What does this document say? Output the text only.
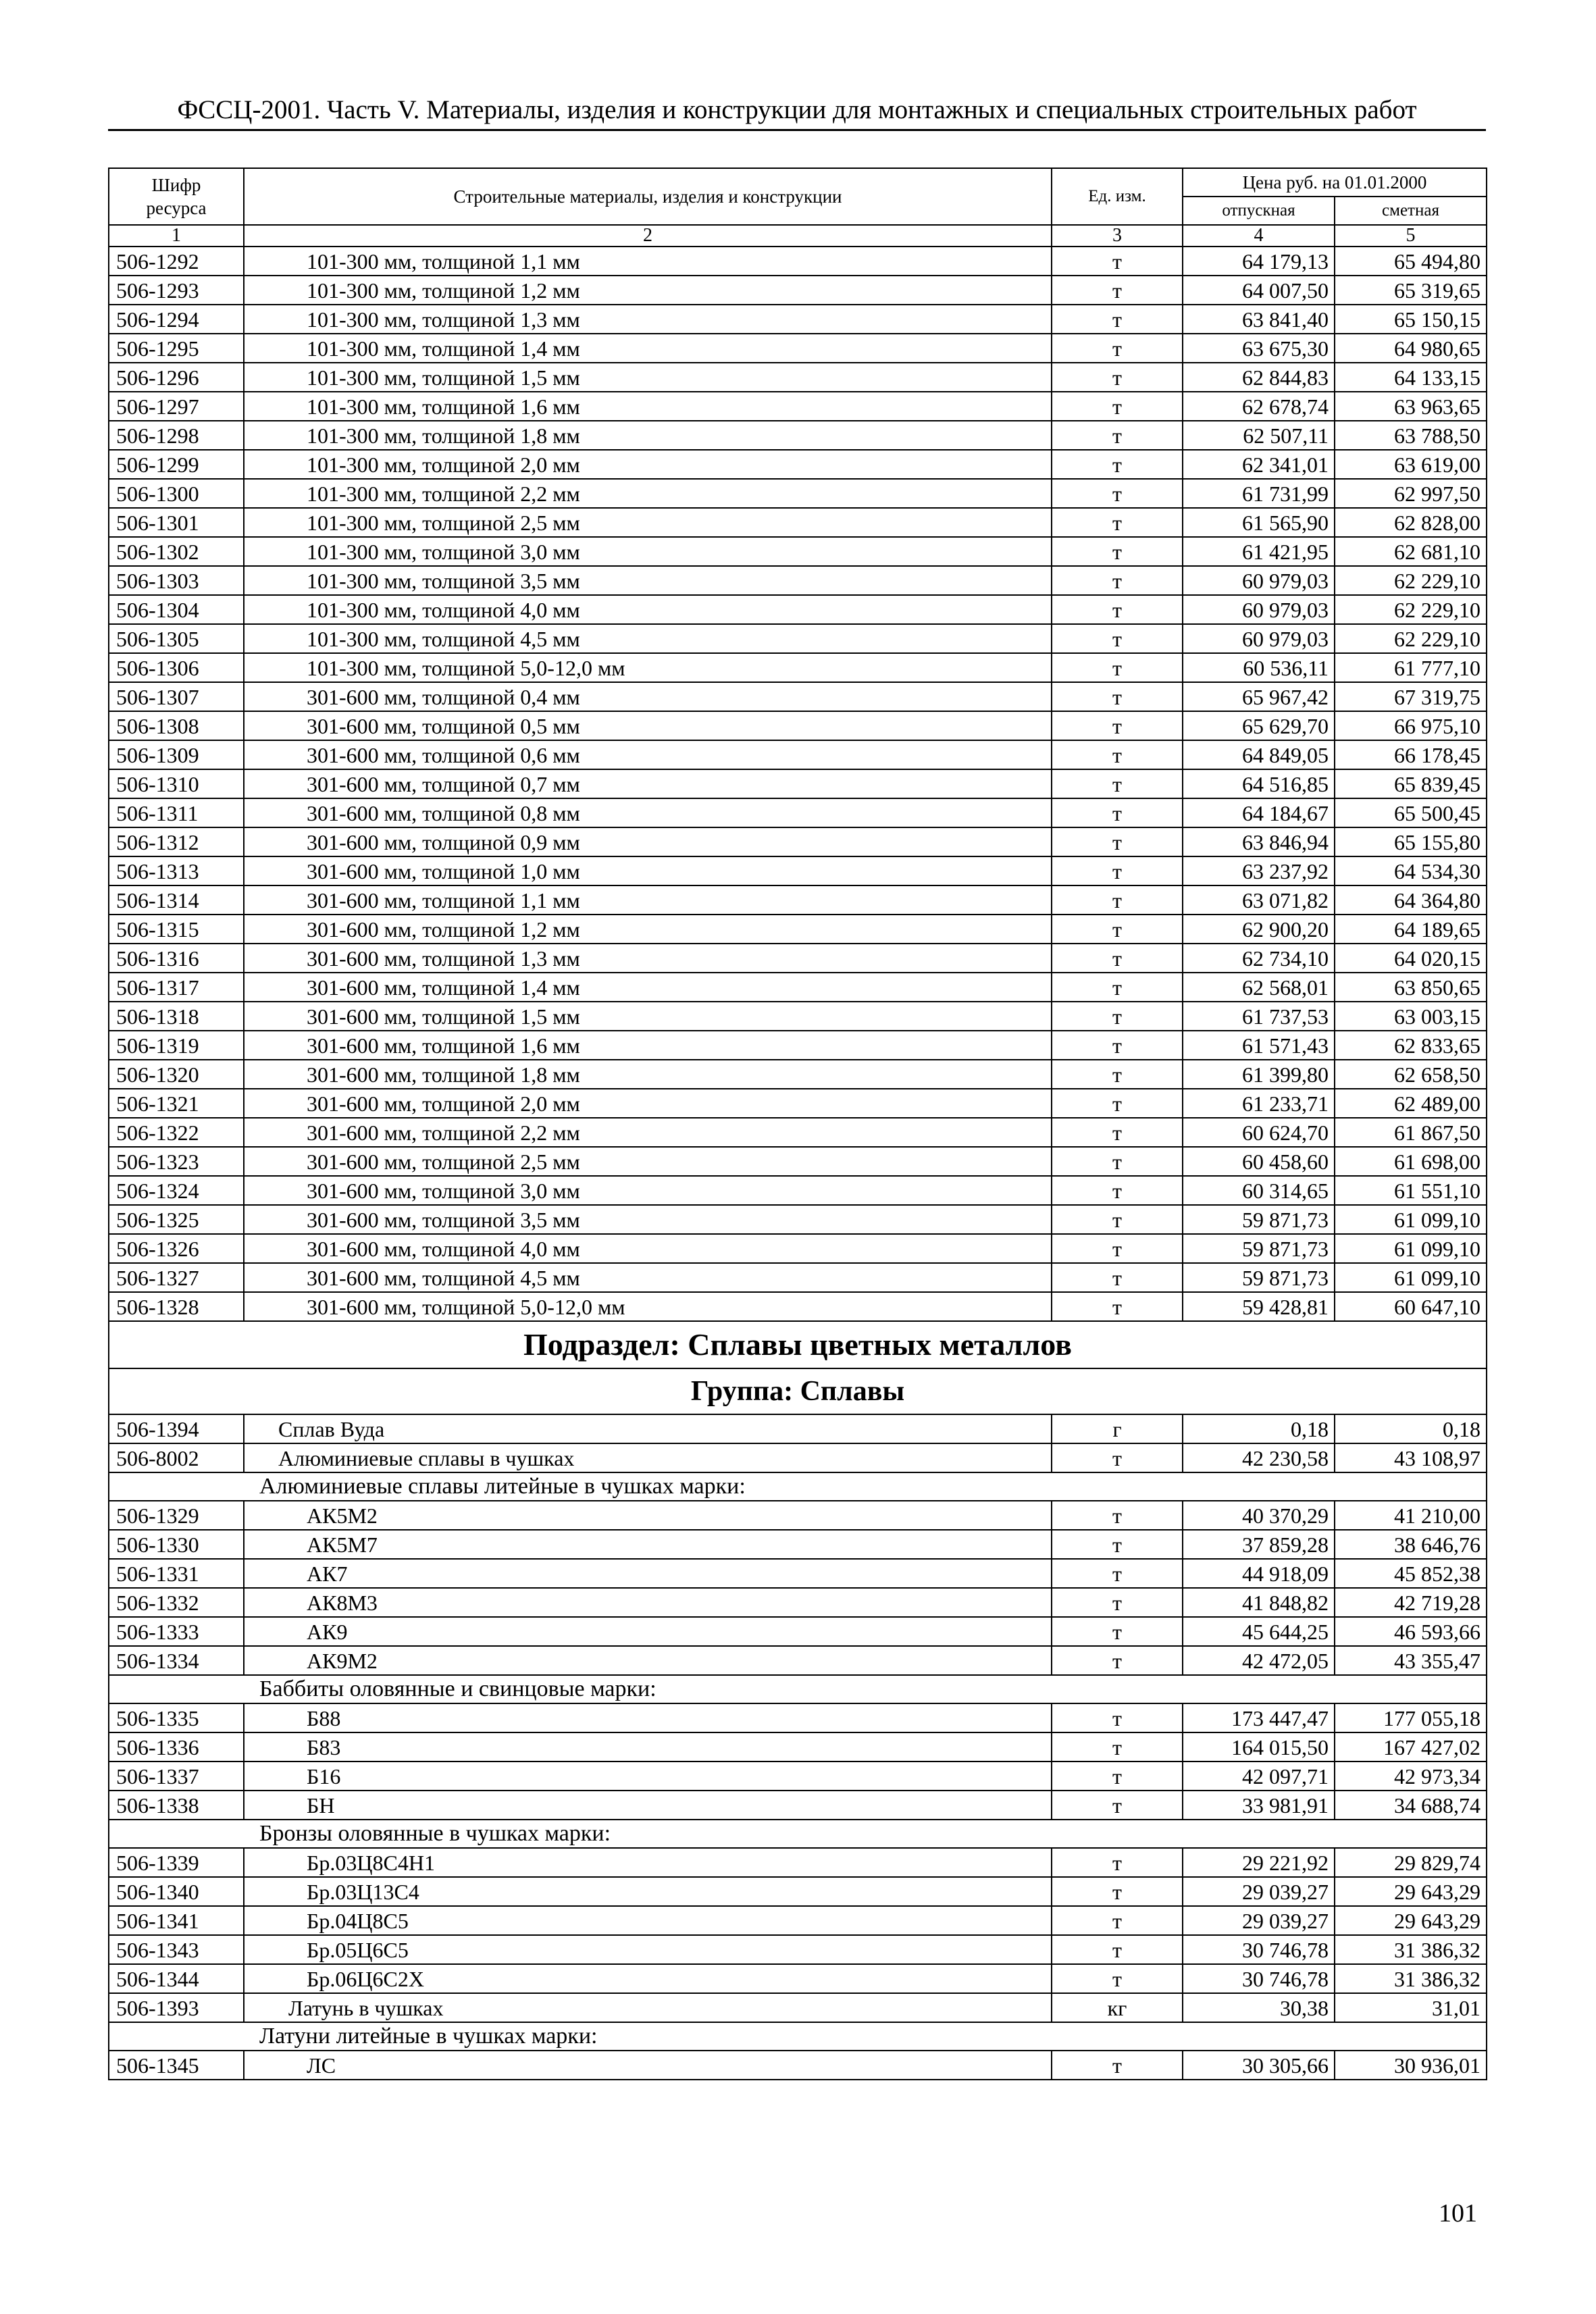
ФССЦ-2001. Часть V. Материалы, изделия и конструкции для монтажных и специальных строительных работ
Шифр ресурса	Строительные материалы, изделия и конструкции	Ед. изм.	Цена руб. на 01.01.2000	
			отпускная	сметная
1	2	3	4	5
506-1292	101-300 мм, толщиной 1,1 мм	т	64 179,13	65 494,80
506-1293	101-300 мм, толщиной 1,2 мм	т	64 007,50	65 319,65
506-1294	101-300 мм, толщиной 1,3 мм	т	63 841,40	65 150,15
506-1295	101-300 мм, толщиной 1,4 мм	т	63 675,30	64 980,65
506-1296	101-300 мм, толщиной 1,5 мм	т	62 844,83	64 133,15
506-1297	101-300 мм, толщиной 1,6 мм	т	62 678,74	63 963,65
506-1298	101-300 мм, толщиной 1,8 мм	т	62 507,11	63 788,50
506-1299	101-300 мм, толщиной 2,0 мм	т	62 341,01	63 619,00
506-1300	101-300 мм, толщиной 2,2 мм	т	61 731,99	62 997,50
506-1301	101-300 мм, толщиной 2,5 мм	т	61 565,90	62 828,00
506-1302	101-300 мм, толщиной 3,0 мм	т	61 421,95	62 681,10
506-1303	101-300 мм, толщиной 3,5 мм	т	60 979,03	62 229,10
506-1304	101-300 мм, толщиной 4,0 мм	т	60 979,03	62 229,10
506-1305	101-300 мм, толщиной 4,5 мм	т	60 979,03	62 229,10
506-1306	101-300 мм, толщиной 5,0-12,0 мм	т	60 536,11	61 777,10
506-1307	301-600 мм, толщиной 0,4 мм	т	65 967,42	67 319,75
506-1308	301-600 мм, толщиной 0,5 мм	т	65 629,70	66 975,10
506-1309	301-600 мм, толщиной 0,6 мм	т	64 849,05	66 178,45
506-1310	301-600 мм, толщиной 0,7 мм	т	64 516,85	65 839,45
506-1311	301-600 мм, толщиной 0,8 мм	т	64 184,67	65 500,45
506-1312	301-600 мм, толщиной 0,9 мм	т	63 846,94	65 155,80
506-1313	301-600 мм, толщиной 1,0 мм	т	63 237,92	64 534,30
506-1314	301-600 мм, толщиной 1,1 мм	т	63 071,82	64 364,80
506-1315	301-600 мм, толщиной 1,2 мм	т	62 900,20	64 189,65
506-1316	301-600 мм, толщиной 1,3 мм	т	62 734,10	64 020,15
506-1317	301-600 мм, толщиной 1,4 мм	т	62 568,01	63 850,65
506-1318	301-600 мм, толщиной 1,5 мм	т	61 737,53	63 003,15
506-1319	301-600 мм, толщиной 1,6 мм	т	61 571,43	62 833,65
506-1320	301-600 мм, толщиной 1,8 мм	т	61 399,80	62 658,50
506-1321	301-600 мм, толщиной 2,0 мм	т	61 233,71	62 489,00
506-1322	301-600 мм, толщиной 2,2 мм	т	60 624,70	61 867,50
506-1323	301-600 мм, толщиной 2,5 мм	т	60 458,60	61 698,00
506-1324	301-600 мм, толщиной 3,0 мм	т	60 314,65	61 551,10
506-1325	301-600 мм, толщиной 3,5 мм	т	59 871,73	61 099,10
506-1326	301-600 мм, толщиной 4,0 мм	т	59 871,73	61 099,10
506-1327	301-600 мм, толщиной 4,5 мм	т	59 871,73	61 099,10
506-1328	301-600 мм, толщиной 5,0-12,0 мм	т	59 428,81	60 647,10
Подраздел: Сплавы цветных металлов				
Группа: Сплавы				
506-1394	Сплав Вуда	г	0,18	0,18
506-8002	Алюминиевые сплавы в чушках	т	42 230,58	43 108,97
Алюминиевые сплавы литейные в чушках марки:				
506-1329	АК5М2	т	40 370,29	41 210,00
506-1330	АК5М7	т	37 859,28	38 646,76
506-1331	АК7	т	44 918,09	45 852,38
506-1332	АК8М3	т	41 848,82	42 719,28
506-1333	АК9	т	45 644,25	46 593,66
506-1334	АК9М2	т	42 472,05	43 355,47
Баббиты оловянные и свинцовые марки:				
506-1335	Б88	т	173 447,47	177 055,18
506-1336	Б83	т	164 015,50	167 427,02
506-1337	Б16	т	42 097,71	42 973,34
506-1338	БН	т	33 981,91	34 688,74
Бронзы оловянные в чушках марки:				
506-1339	Бр.03Ц8С4Н1	т	29 221,92	29 829,74
506-1340	Бр.03Ц13С4	т	29 039,27	29 643,29
506-1341	Бр.04Ц8С5	т	29 039,27	29 643,29
506-1343	Бр.05Ц6С5	т	30 746,78	31 386,32
506-1344	Бр.06Ц6С2Х	т	30 746,78	31 386,32
506-1393	Латунь в чушках	кг	30,38	31,01
Латуни литейные в чушках марки:				
506-1345	ЛС	т	30 305,66	30 936,01
101
